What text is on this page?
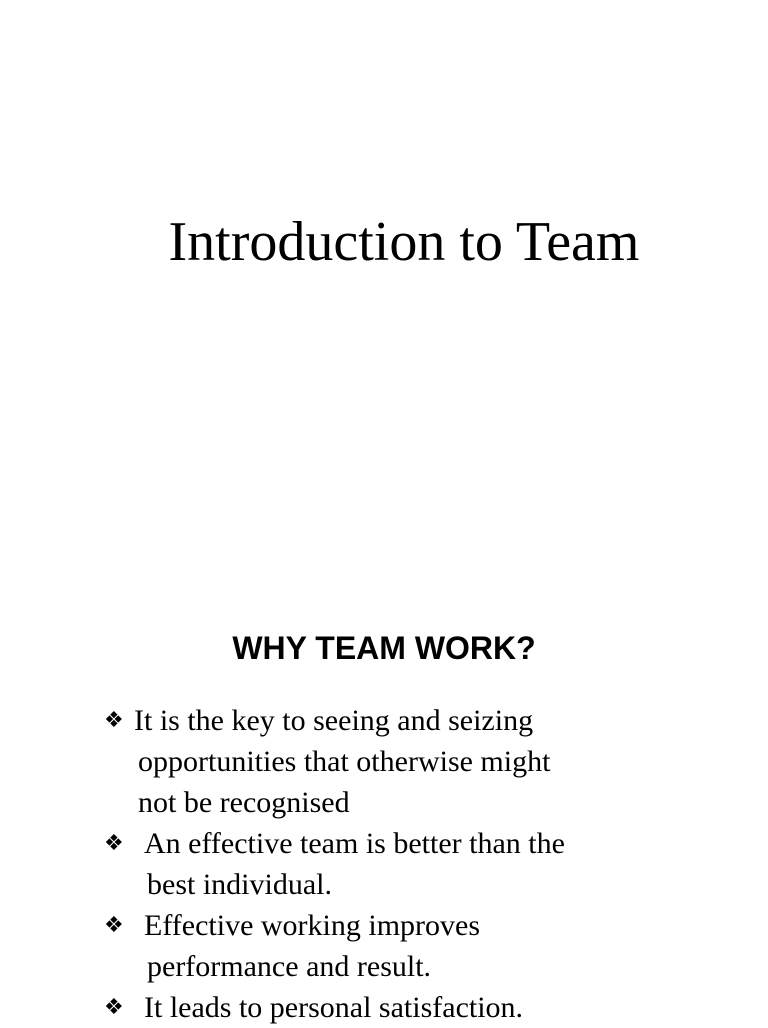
Introduction to Team
WHY TEAM WORK?
❖ It is the key to seeing and seizing
opportunities that otherwise might
not be recognised
❖ An effective team is better than the
best individual.
❖ Effective working improves
performance and result.
❖ It leads to personal satisfaction.
